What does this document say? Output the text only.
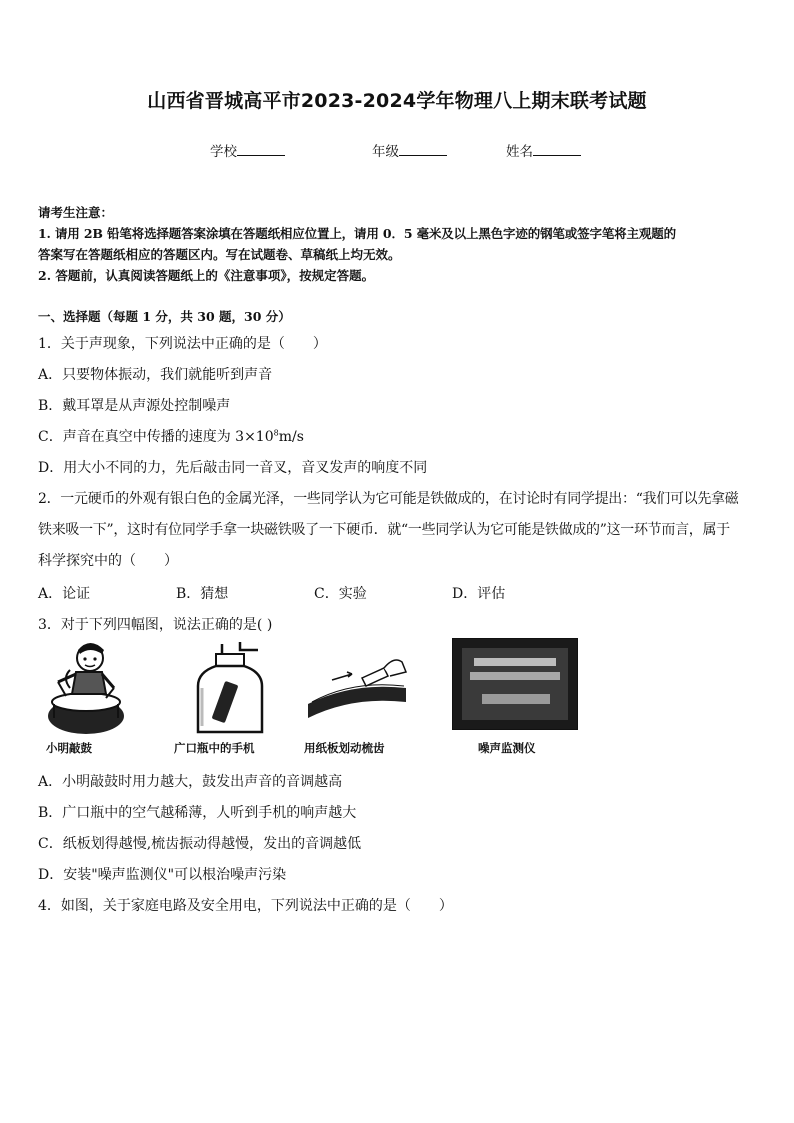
山西省晋城高平市2023-2024学年物理八上期末联考试题
学校	年级	姓名
请考生注意：
1. 请用 2B 铅笔将选择题答案涂填在答题纸相应位置上，请用 0．5 毫米及以上黑色字迹的钢笔或签字笔将主观题的
答案写在答题纸相应的答题区内。写在试题卷、草稿纸上均无效。
2. 答题前，认真阅读答题纸上的《注意事项》，按规定答题。
一、选择题（每题 1 分，共 30 题，30 分）
1．关于声现象，下列说法中正确的是（　　）
A．只要物体振动，我们就能听到声音
B．戴耳罩是从声源处控制噪声
C．声音在真空中传播的速度为 $3\times 10^8m/s$
D．用大小不同的力，先后敲击同一音叉，音叉发声的响度不同
2．一元硬币的外观有银白色的金属光泽，一些同学认为它可能是铁做成的，在讨论时有同学提出：“我们可以先拿磁
铁来吸一下”，这时有位同学手拿一块磁铁吸了一下硬币．就“一些同学认为它可能是铁做成的”这一环节而言，属于
科学探究中的（　　）
A．论证	B．猜想	C．实验	D．评估
3．对于下列四幅图，说法正确的是( )
小明敲鼓	广口瓶中的手机	用纸板划动梳齿	噪声监测仪
A．小明敲鼓时用力越大，鼓发出声音的音调越高
B．广口瓶中的空气越稀薄，人听到手机的响声越大
C．纸板划得越慢,梳齿振动得越慢，发出的音调越低
D．安装"噪声监测仪"可以根治噪声污染
4．如图，关于家庭电路及安全用电，下列说法中正确的是（　　）
